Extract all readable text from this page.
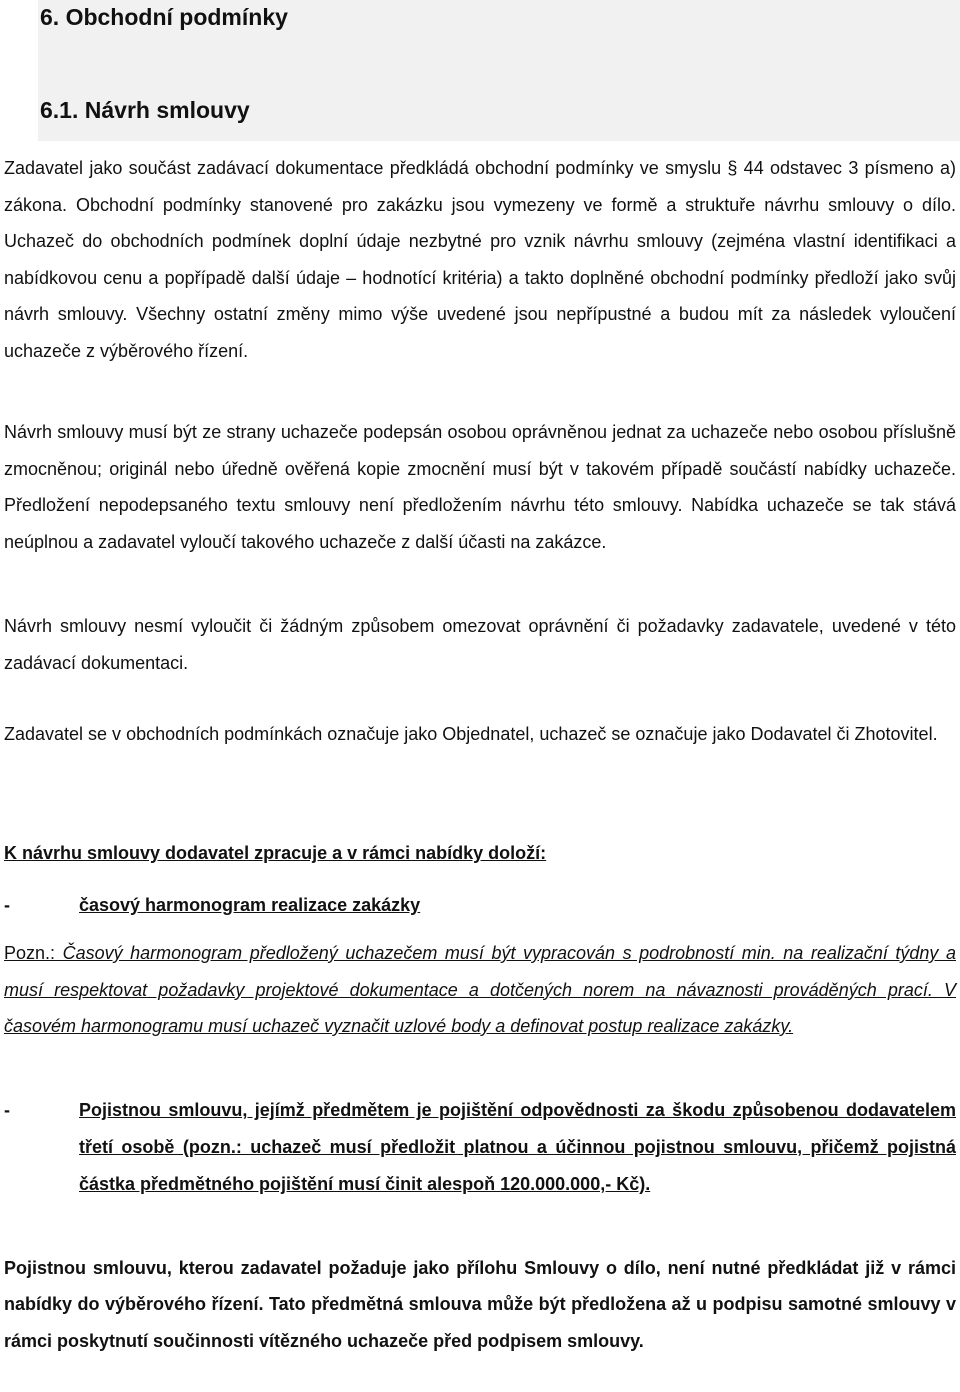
6. Obchodní podmínky
6.1. Návrh smlouvy

Zadavatel jako součást zadávací dokumentace předkládá obchodní podmínky ve smyslu § 44 odstavec 3 písmeno a) zákona. Obchodní podmínky stanovené pro zakázku jsou vymezeny ve formě a struktuře návrhu smlouvy o dílo. Uchazeč do obchodních podmínek doplní údaje nezbytné pro vznik návrhu smlouvy (zejména vlastní identifikaci a nabídkovou cenu a popřípadě další údaje – hodnotící kritéria) a takto doplněné obchodní podmínky předloží jako svůj návrh smlouvy. Všechny ostatní změny mimo výše uvedené jsou nepřípustné a budou mít za následek vyloučení uchazeče z výběrového řízení.

Návrh smlouvy musí být ze strany uchazeče podepsán osobou oprávněnou jednat za uchazeče nebo osobou příslušně zmocněnou; originál nebo úředně ověřená kopie zmocnění musí být v takovém případě součástí nabídky uchazeče. Předložení nepodepsaného textu smlouvy není předložením návrhu této smlouvy. Nabídka uchazeče se tak stává neúplnou a zadavatel vyloučí takového uchazeče z další účasti na zakázce.

Návrh smlouvy nesmí vyloučit či žádným způsobem omezovat oprávnění či požadavky zadavatele, uvedené v této zadávací dokumentaci.

Zadavatel se v obchodních podmínkách označuje jako Objednatel, uchazeč se označuje jako Dodavatel či Zhotovitel.

K návrhu smlouvy dodavatel zpracuje a v rámci nabídky doloží:

-	časový harmonogram realizace zakázky

Pozn.: Časový harmonogram předložený uchazečem musí být vypracován s podrobností min. na realizační týdny a musí respektovat požadavky projektové dokumentace a dotčených norem na návaznosti prováděných prací. V časovém harmonogramu musí uchazeč vyznačit uzlové body a definovat postup realizace zakázky.

-	Pojistnou smlouvu, jejímž předmětem je pojištění odpovědnosti za škodu způsobenou dodavatelem třetí osobě (pozn.: uchazeč musí předložit platnou a účinnou pojistnou smlouvu, přičemž pojistná částka předmětného pojištění musí činit alespoň 120.000.000,- Kč).

Pojistnou smlouvu, kterou zadavatel požaduje jako přílohu Smlouvy o dílo, není nutné předkládat již v rámci nabídky do výběrového řízení. Tato předmětná smlouva může být předložena až u podpisu samotné smlouvy v rámci poskytnutí součinnosti vítězného uchazeče před podpisem smlouvy.
